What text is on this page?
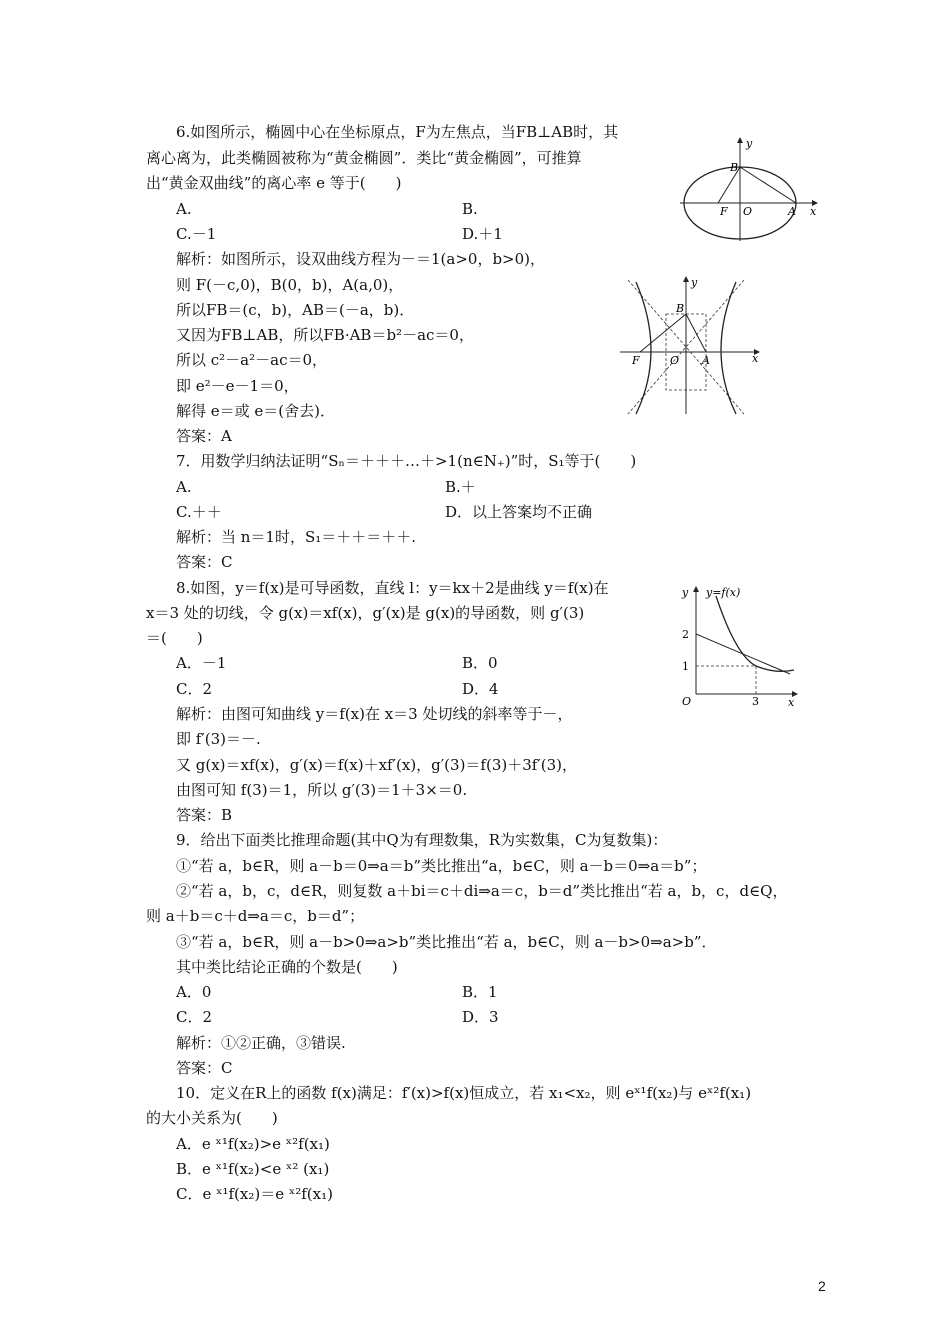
6.如图所示，椭圆中心在坐标原点，F为左焦点，当FB⊥AB时，其
离心离为，此类椭圆被称为“黄金椭圆”．类比“黄金椭圆”，可推算
出“黄金双曲线”的离心率 e 等于(　　)
A.	B.
C.－1	D.＋1
解析：如图所示，设双曲线方程为－＝1(a>0，b>0)，
则 F(－c,0)，B(0，b)，A(a,0)，
所以FB＝(c，b)，AB＝(－a，b)．
又因为FB⊥AB，所以FB·AB＝b²－ac＝0，
所以 c²－a²－ac＝0，
即 e²－e－1＝0，
解得 e＝或 e＝(舍去)．
答案：A
7．用数学归纳法证明“Sₙ＝＋＋＋…＋>1(n∈N₊)”时，S₁等于(　　)
A.	B.＋
C.＋＋	D．以上答案均不正确
解析：当 n＝1时，S₁＝＋＋＝＋＋.
答案：C
8.如图，y＝f(x)是可导函数，直线 l：y＝kx＋2是曲线 y＝f(x)在
x＝3 处的切线，令 g(x)＝xf(x)，g′(x)是 g(x)的导函数，则 g′(3)
＝(　　)
A．－1	B．0
C．2	D．4
解析：由图可知曲线 y＝f(x)在 x＝3 处切线的斜率等于－，
即 f′(3)＝－.
又 g(x)＝xf(x)，g′(x)＝f(x)＋xf′(x)，g′(3)＝f(3)＋3f′(3)，
由图可知 f(3)＝1，所以 g′(3)＝1＋3×＝0.
答案：B
9．给出下面类比推理命题(其中Q为有理数集，R为实数集，C为复数集)：
①“若 a，b∈R，则 a－b＝0⇒a＝b”类比推出“a，b∈C，则 a－b＝0⇒a＝b”；
②“若 a，b，c，d∈R，则复数 a＋bi＝c＋di⇒a＝c，b＝d”类比推出“若 a，b，c，d∈Q，
则 a＋b＝c＋d⇒a＝c，b＝d”；
③“若 a，b∈R，则 a－b>0⇒a>b”类比推出“若 a，b∈C，则 a－b>0⇒a>b”．
其中类比结论正确的个数是(　　)
A．0	B．1
C．2	D．3
解析：①②正确，③错误.
答案：C
10．定义在R上的函数 f(x)满足：f′(x)>f(x)恒成立，若 x₁<x₂，则 eˣ¹f(x₂)与 eˣ²f(x₁)
的大小关系为(　　)
A．e ˣ¹f(x₂)>e ˣ²f(x₁)
B．e ˣ¹f(x₂)<e ˣ² (x₁)
C．e ˣ¹f(x₂)＝e ˣ²f(x₁)
y
x
B
F O	A
y
x
B
F	O A
y y=f(x)
2
1
O	3	x
2
